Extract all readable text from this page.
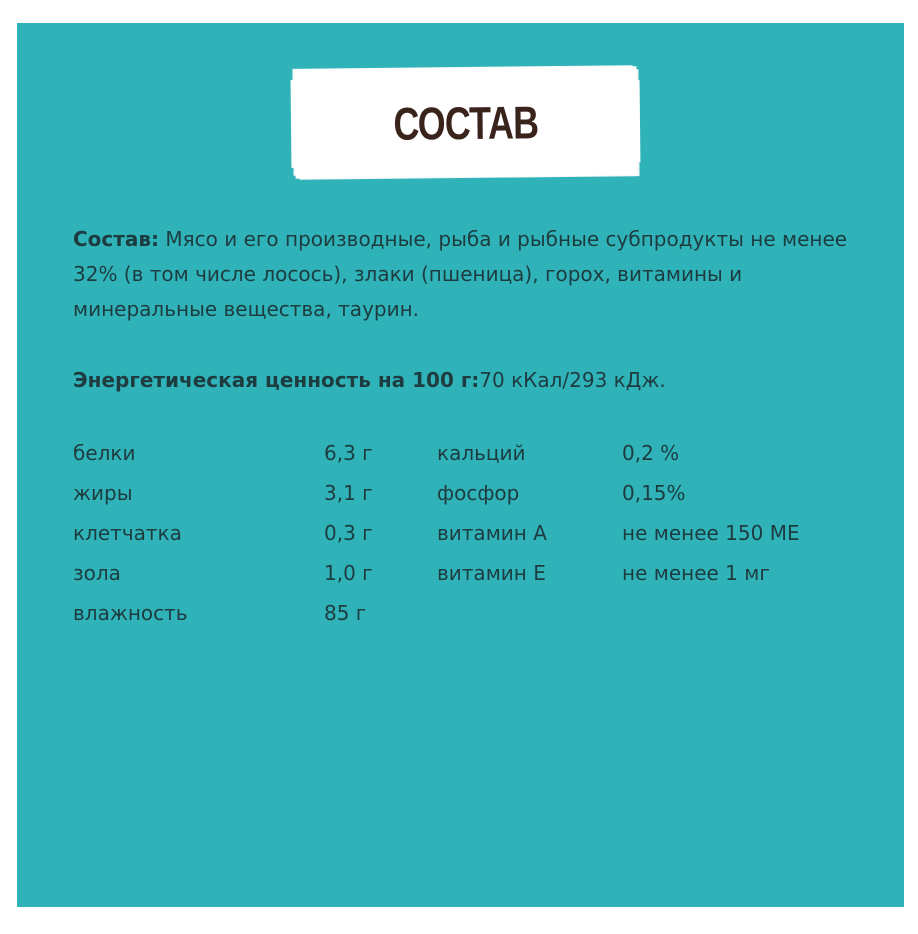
СОСТАВ
Состав: Мясо и его производные, рыба и рыбные субпродукты не менее 32% (в том числе лосось), злаки (пшеница), горох, витамины и минеральные вещества, таурин.
Энергетическая ценность на 100 г:70 кКал/293 кДж.
белки	6,3 г	кальций	0,2 %
жиры	3,1 г	фосфор	0,15%
клетчатка	0,3 г	витамин А	не менее 150 МЕ
зола	1,0 г	витамин Е	не менее 1 мг
влажность	85 г
